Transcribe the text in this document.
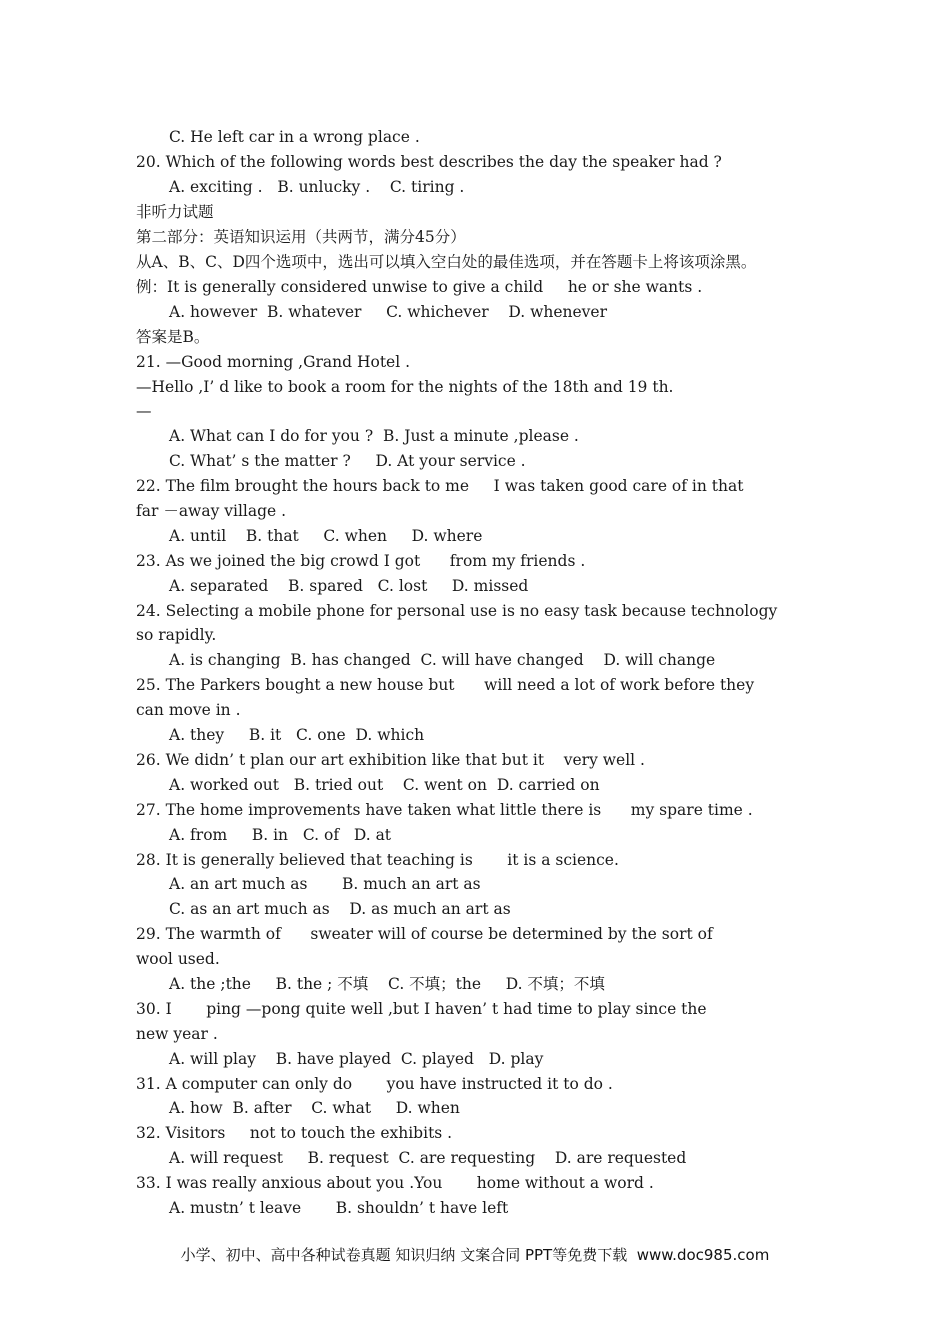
C. He left car in a wrong place .
20. Which of the following words best describes the day the speaker had ?
A. exciting .   B. unlucky .    C. tiring .
非听力试题
第二部分：英语知识运用（共两节，满分45分）
从A、B、C、D四个选项中，选出可以填入空白处的最佳选项，并在答题卡上将该项涂黑。
例：It is generally considered unwise to give a child     he or she wants .
A. however  B. whatever     C. whichever    D. whenever
答案是B。
21. —Good morning ,Grand Hotel .
—Hello ,I’ d like to book a room for the nights of the 18th and 19 th.
—
A. What can I do for you ?  B. Just a minute ,please .
C. What’ s the matter ?     D. At your service .
22. The film brought the hours back to me     I was taken good care of in that
far －away village .
A. until    B. that     C. when     D. where
23. As we joined the big crowd I got      from my friends .
A. separated    B. spared   C. lost     D. missed
24. Selecting a mobile phone for personal use is no easy task because technology
so rapidly.
A. is changing  B. has changed  C. will have changed    D. will change
25. The Parkers bought a new house but      will need a lot of work before they
can move in .
A. they     B. it   C. one  D. which
26. We didn’ t plan our art exhibition like that but it    very well .
A. worked out   B. tried out    C. went on  D. carried on
27. The home improvements have taken what little there is      my spare time .
A. from     B. in   C. of   D. at
28. It is generally believed that teaching is       it is a science.
A. an art much as       B. much an art as
C. as an art much as    D. as much an art as
29. The warmth of      sweater will of course be determined by the sort of
wool used.
A. the ;the     B. the ; 不填    C. 不填；the     D. 不填；不填
30. I       ping —pong quite well ,but I haven’ t had time to play since the
new year .
A. will play    B. have played  C. played   D. play
31. A computer can only do       you have instructed it to do .
A. how  B. after    C. what     D. when
32. Visitors     not to touch the exhibits .
A. will request     B. request  C. are requesting    D. are requested
33. I was really anxious about you .You       home without a word .
A. mustn’ t leave       B. shouldn’ t have left
小学、初中、高中各种试卷真题 知识归纳 文案合同 PPT等免费下载  www.doc985.com
